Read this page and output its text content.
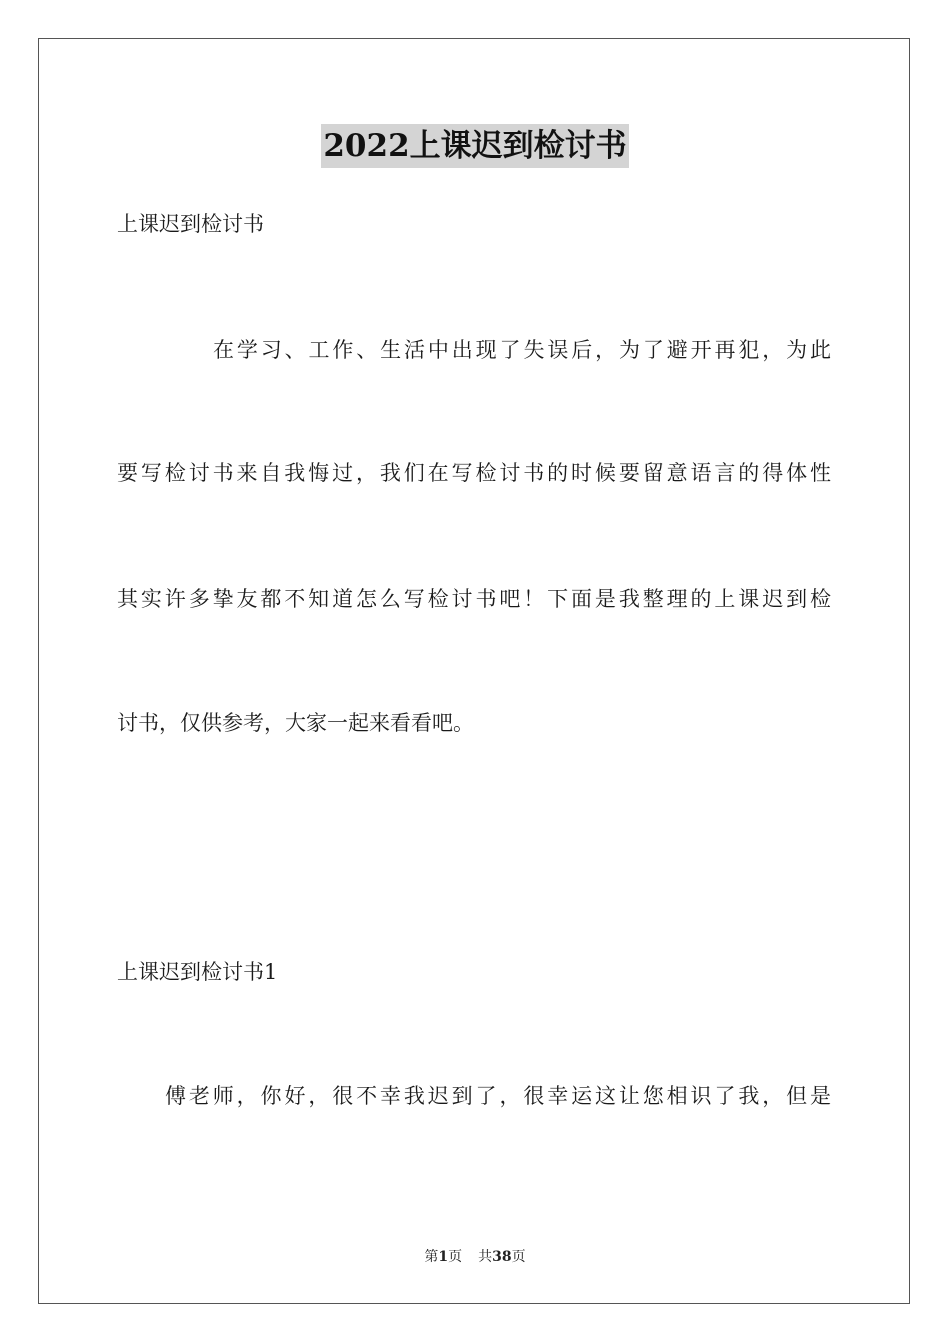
2022上课迟到检讨书
上课迟到检讨书
在学习、工作、生活中出现了失误后，为了避开再犯，为此
要写检讨书来自我悔过，我们在写检讨书的时候要留意语言的得体性
其实许多挚友都不知道怎么写检讨书吧！下面是我整理的上课迟到检
讨书，仅供参考，大家一起来看看吧。
上课迟到检讨书1
傅老师，你好，很不幸我迟到了，很幸运这让您相识了我，但是
第1页 共38页
